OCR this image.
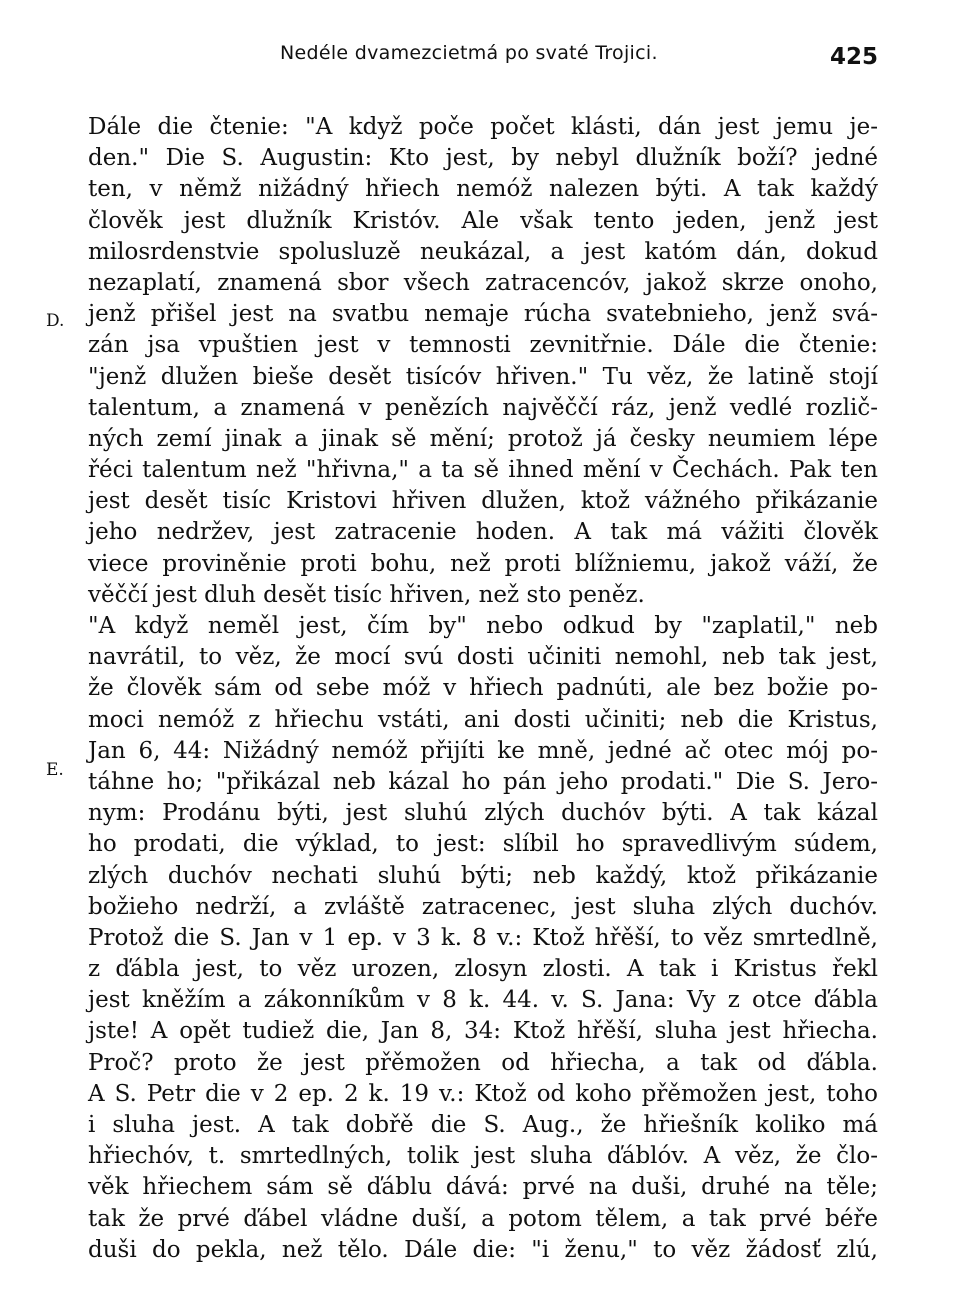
Nedéle dvamezcietmá po svaté Trojici.	425
D.
E.
Dále die čtenie: "A když poče počet klásti, dán jest jemu je-
den." Die S. Augustin: Kto jest, by nebyl dlužník boží? jedné
ten, v němž nižádný hřiech nemóž nalezen býti. A tak každý
člověk jest dlužník Kristóv. Ale však tento jeden, jenž jest
milosrdenstvie spolusluzě neukázal, a jest katóm dán, dokud
nezaplatí, znamená sbor všech zatracencóv, jakož skrze onoho,
jenž přišel jest na svatbu nemaje rúcha svatebnieho, jenž svá-
zán jsa vpuštien jest v temnosti zevnitřnie. Dále die čtenie:
"jenž dlužen bieše desět tisícóv hřiven." Tu věz, že latině stojí
talentum, a znamená v penězích najvěččí ráz, jenž vedlé rozlič-
ných zemí jinak a jinak sě mění; protož já česky neumiem lépe
řéci talentum než "hřivna," a ta sě ihned mění v Čechách. Pak ten
jest desět tisíc Kristovi hřiven dlužen, ktož vážného přikázanie
jeho nedržev, jest zatracenie hoden. A tak má vážiti člověk
viece proviněnie proti bohu, než proti blížniemu, jakož váží, že
věččí jest dluh desět tisíc hřiven, než sto peněz.
"A když neměl jest, čím by" nebo odkud by "zaplatil," neb
navrátil, to věz, že mocí svú dosti učiniti nemohl, neb tak jest,
že člověk sám od sebe móž v hřiech padnúti, ale bez božie po-
moci nemóž z hřiechu vstáti, ani dosti učiniti; neb die Kristus,
Jan 6, 44: Nižádný nemóž přijíti ke mně, jedné ač otec mój po-
táhne ho; "přikázal neb kázal ho pán jeho prodati." Die S. Jero-
nym: Prodánu býti, jest sluhú zlých duchóv býti. A tak kázal
ho prodati, die výklad, to jest: slíbil ho spravedlivým súdem,
zlých duchóv nechati sluhú býti; neb každý, ktož přikázanie
božieho nedrží, a zvláště zatracenec, jest sluha zlých duchóv.
Protož die S. Jan v 1 ep. v 3 k. 8 v.: Ktož hřěší, to věz smrtedlně,
z ďábla jest, to věz urozen, zlosyn zlosti. A tak i Kristus řekl
jest kněžím a zákonníkům v 8 k. 44. v. S. Jana: Vy z otce ďábla
jste! A opět tudiež die, Jan 8, 34: Ktož hřěší, sluha jest hřiecha.
Proč? proto že jest přěmožen od hřiecha, a tak od ďábla.
A S. Petr die v 2 ep. 2 k. 19 v.: Ktož od koho přěmožen jest, toho
i sluha jest. A tak dobřě die S. Aug., že hřiešník koliko má
hřiechóv, t. smrtedlných, tolik jest sluha ďáblóv. A věz, že člo-
věk hřiechem sám sě ďáblu dává: prvé na duši, druhé na těle;
tak že prvé ďábel vládne duší, a potom tělem, a tak prvé béře
duši do pekla, než tělo. Dále die: "i ženu," to věz žádosť zlú,
